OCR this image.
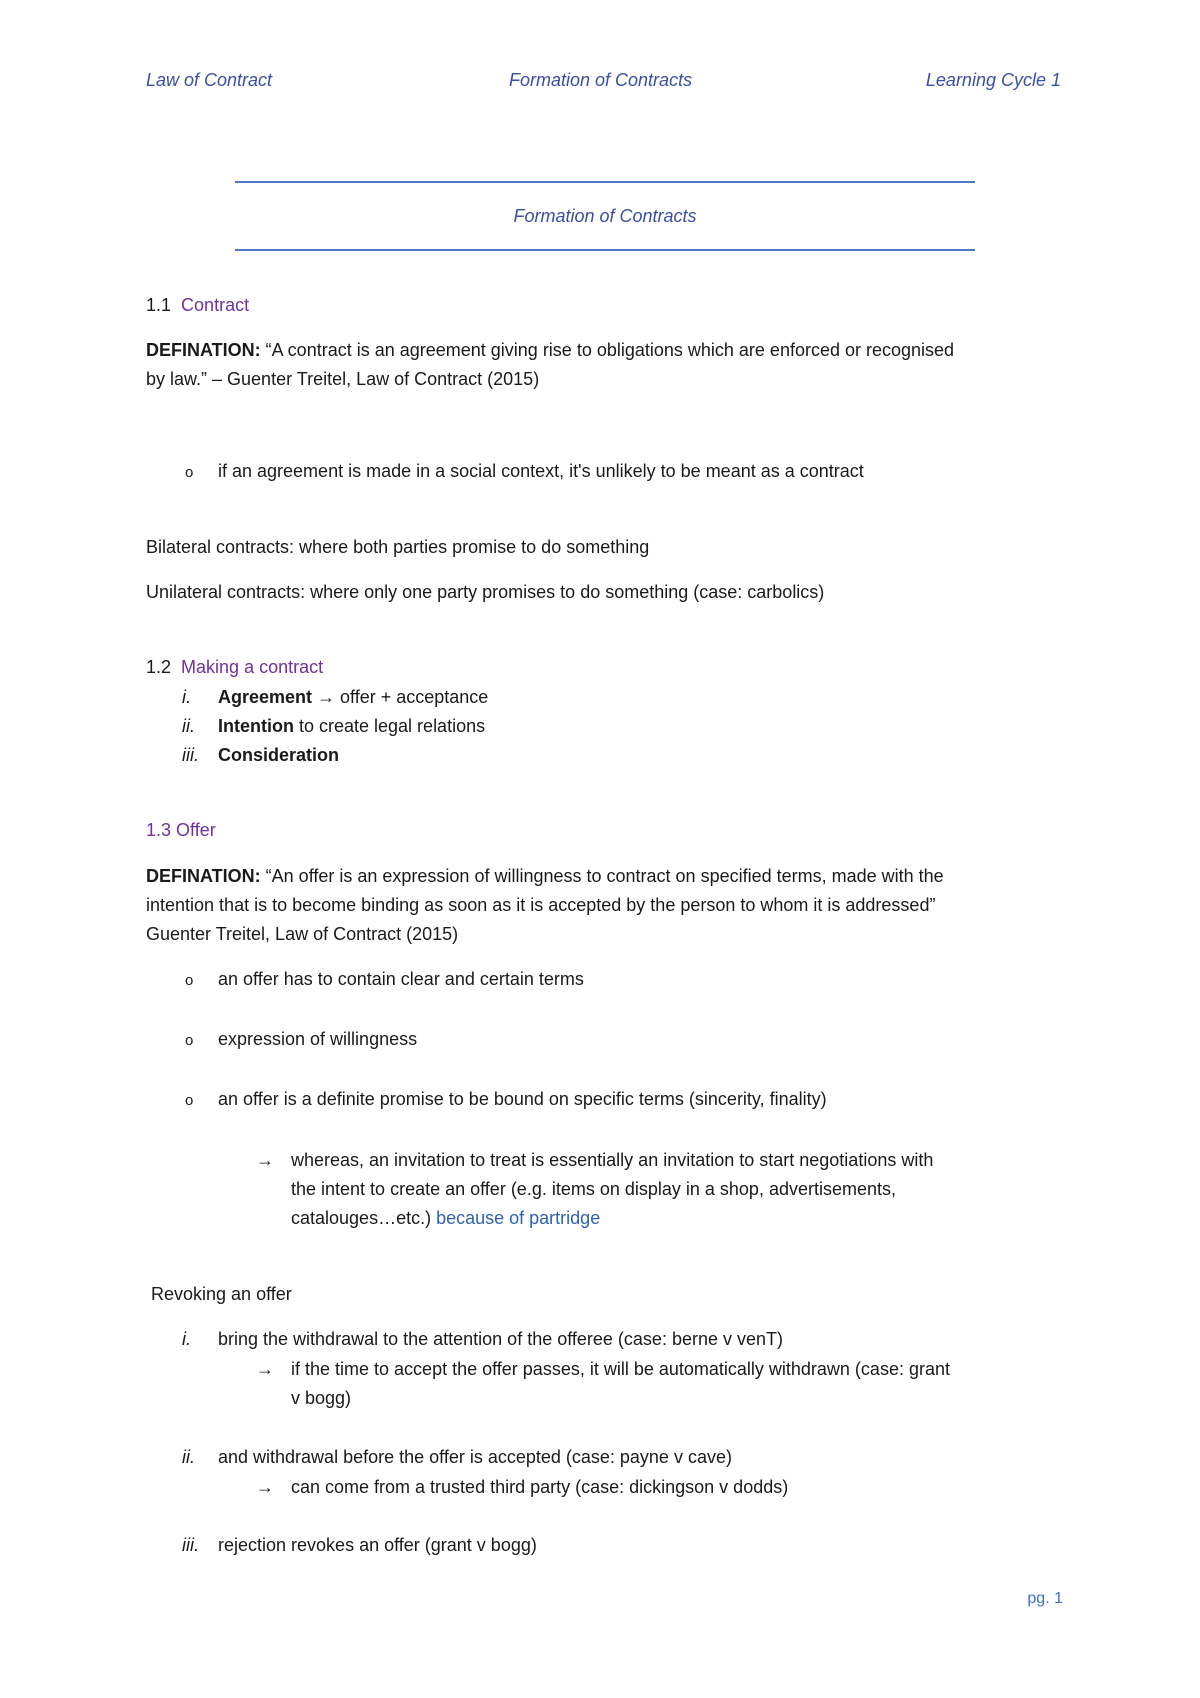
Law of Contract	Formation of Contracts	Learning Cycle 1
Formation of Contracts
1.1 Contract
DEFINATION: “A contract is an agreement giving rise to obligations which are enforced or recognised
by law.” – Guenter Treitel, Law of Contract (2015)
o if an agreement is made in a social context, it's unlikely to be meant as a contract
Bilateral contracts: where both parties promise to do something
Unilateral contracts: where only one party promises to do something (case: carbolics)
1.2 Making a contract
i. Agreement → offer + acceptance
ii. Intention to create legal relations
iii. Consideration
1.3 Offer
DEFINATION: “An offer is an expression of willingness to contract on specified terms, made with the
intention that is to become binding as soon as it is accepted by the person to whom it is addressed”
Guenter Treitel, Law of Contract (2015)
o an offer has to contain clear and certain terms
o expression of willingness
o an offer is a definite promise to be bound on specific terms (sincerity, finality)
→ whereas, an invitation to treat is essentially an invitation to start negotiations with
the intent to create an offer (e.g. items on display in a shop, advertisements,
catalouges…etc.) because of partridge
Revoking an offer
i. bring the withdrawal to the attention of the offeree (case: berne v venT)
→ if the time to accept the offer passes, it will be automatically withdrawn (case: grant
v bogg)
ii. and withdrawal before the offer is accepted (case: payne v cave)
→ can come from a trusted third party (case: dickingson v dodds)
iii. rejection revokes an offer (grant v bogg)
pg. 1
